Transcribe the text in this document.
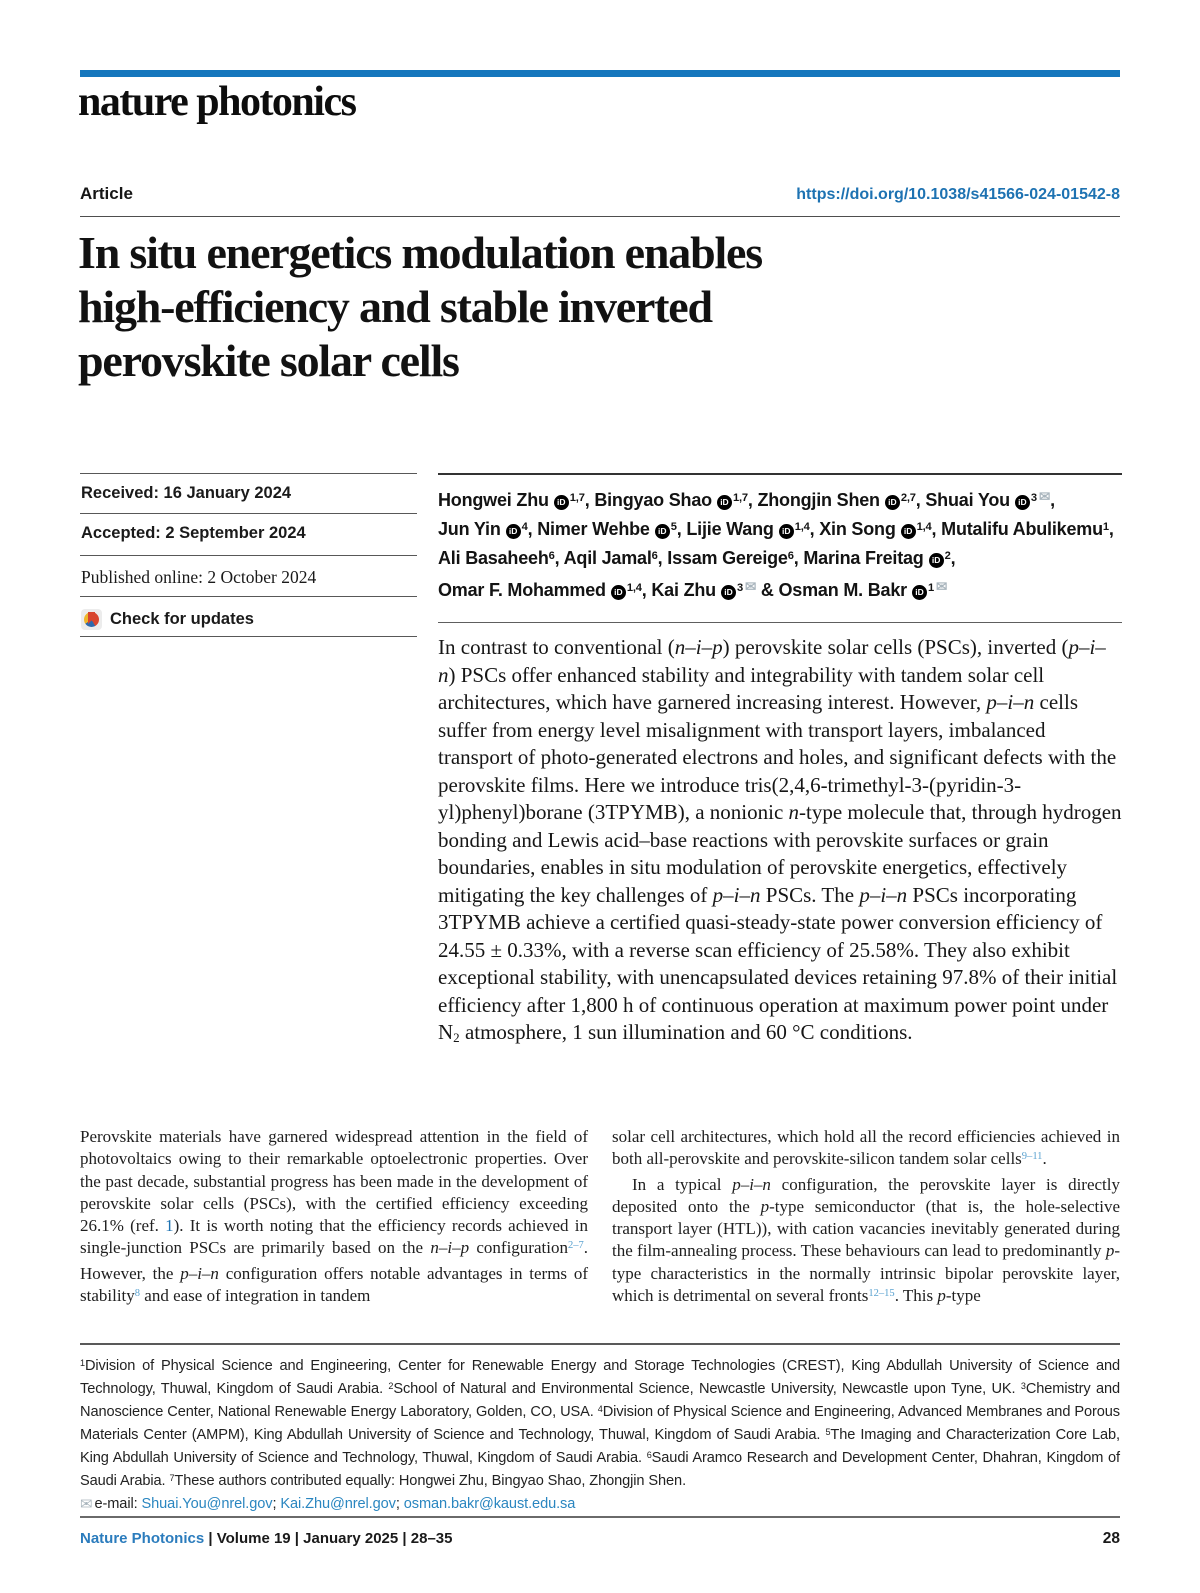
nature photonics
Article	https://doi.org/10.1038/s41566-024-01542-8
In situ energetics modulation enables
high-efficiency and stable inverted
perovskite solar cells
Received: 16 January 2024
Accepted: 2 September 2024
Published online: 2 October 2024
Check for updates
Hongwei Zhu iD $^{1,7}$, Bingyao Shao iD $^{1,7}$, Zhongjin Shen iD $^{2,7}$, Shuai You iD $^3$ ✉,
Jun Yin iD $^4$, Nimer Wehbe iD $^5$, Lijie Wang iD $^{1,4}$, Xin Song iD $^{1,4}$, Mutalifu Abulikemu$^1$,
Ali Basaheeh$^6$, Aqil Jamal$^6$, Issam Gereige$^6$, Marina Freitag iD $^2$,
Omar F. Mohammed iD $^{1,4}$, Kai Zhu iD $^3$ ✉ & Osman M. Bakr iD $^1$ ✉
In contrast to conventional (n–i–p) perovskite solar cells (PSCs), inverted (p–i–n) PSCs offer enhanced stability and integrability with tandem solar cell architectures, which have garnered increasing interest. However, p–i–n cells suffer from energy level misalignment with transport layers, imbalanced transport of photo-generated electrons and holes, and significant defects with the perovskite films. Here we introduce tris(2,4,6-trimethyl-3-(pyridin-3-yl)phenyl)borane (3TPYMB), a nonionic n-type molecule that, through hydrogen bonding and Lewis acid–base reactions with perovskite surfaces or grain boundaries, enables in situ modulation of perovskite energetics, effectively mitigating the key challenges of p–i–n PSCs. The p–i–n PSCs incorporating 3TPYMB achieve a certified quasi-steady-state power conversion efficiency of 24.55 ± 0.33%, with a reverse scan efficiency of 25.58%. They also exhibit exceptional stability, with unencapsulated devices retaining 97.8% of their initial efficiency after 1,800 h of continuous operation at maximum power point under N2 atmosphere, 1 sun illumination and 60 °C conditions.

Perovskite materials have garnered widespread attention in the field of photovoltaics owing to their remarkable optoelectronic properties. Over the past decade, substantial progress has been made in the development of perovskite solar cells (PSCs), with the certified efficiency exceeding 26.1% (ref. 1). It is worth noting that the efficiency records achieved in single-junction PSCs are primarily based on the n–i–p configuration$^{2-7}$. However, the p–i–n configuration offers notable advantages in terms of stability$^8$ and ease of integration in tandem

solar cell architectures, which hold all the record efficiencies achieved in both all-perovskite and perovskite-silicon tandem solar cells$^{9-11}$.

In a typical p–i–n configuration, the perovskite layer is directly deposited onto the p-type semiconductor (that is, the hole-selective transport layer (HTL)), with cation vacancies inevitably generated during the film-annealing process. These behaviours can lead to predominantly p-type characteristics in the normally intrinsic bipolar perovskite layer, which is detrimental on several fronts$^{12-15}$. This p-type

$^1$Division of Physical Science and Engineering, Center for Renewable Energy and Storage Technologies (CREST), King Abdullah University of Science and Technology, Thuwal, Kingdom of Saudi Arabia. $^2$School of Natural and Environmental Science, Newcastle University, Newcastle upon Tyne, UK. $^3$Chemistry and Nanoscience Center, National Renewable Energy Laboratory, Golden, CO, USA. $^4$Division of Physical Science and Engineering, Advanced Membranes and Porous Materials Center (AMPM), King Abdullah University of Science and Technology, Thuwal, Kingdom of Saudi Arabia. $^5$The Imaging and Characterization Core Lab, King Abdullah University of Science and Technology, Thuwal, Kingdom of Saudi Arabia. $^6$Saudi Aramco Research and Development Center, Dhahran, Kingdom of Saudi Arabia. $^7$These authors contributed equally: Hongwei Zhu, Bingyao Shao, Zhongjin Shen.
✉ e-mail: Shuai.You@nrel.gov; Kai.Zhu@nrel.gov; osman.bakr@kaust.edu.sa
Nature Photonics | Volume 19 | January 2025 | 28–35	28
